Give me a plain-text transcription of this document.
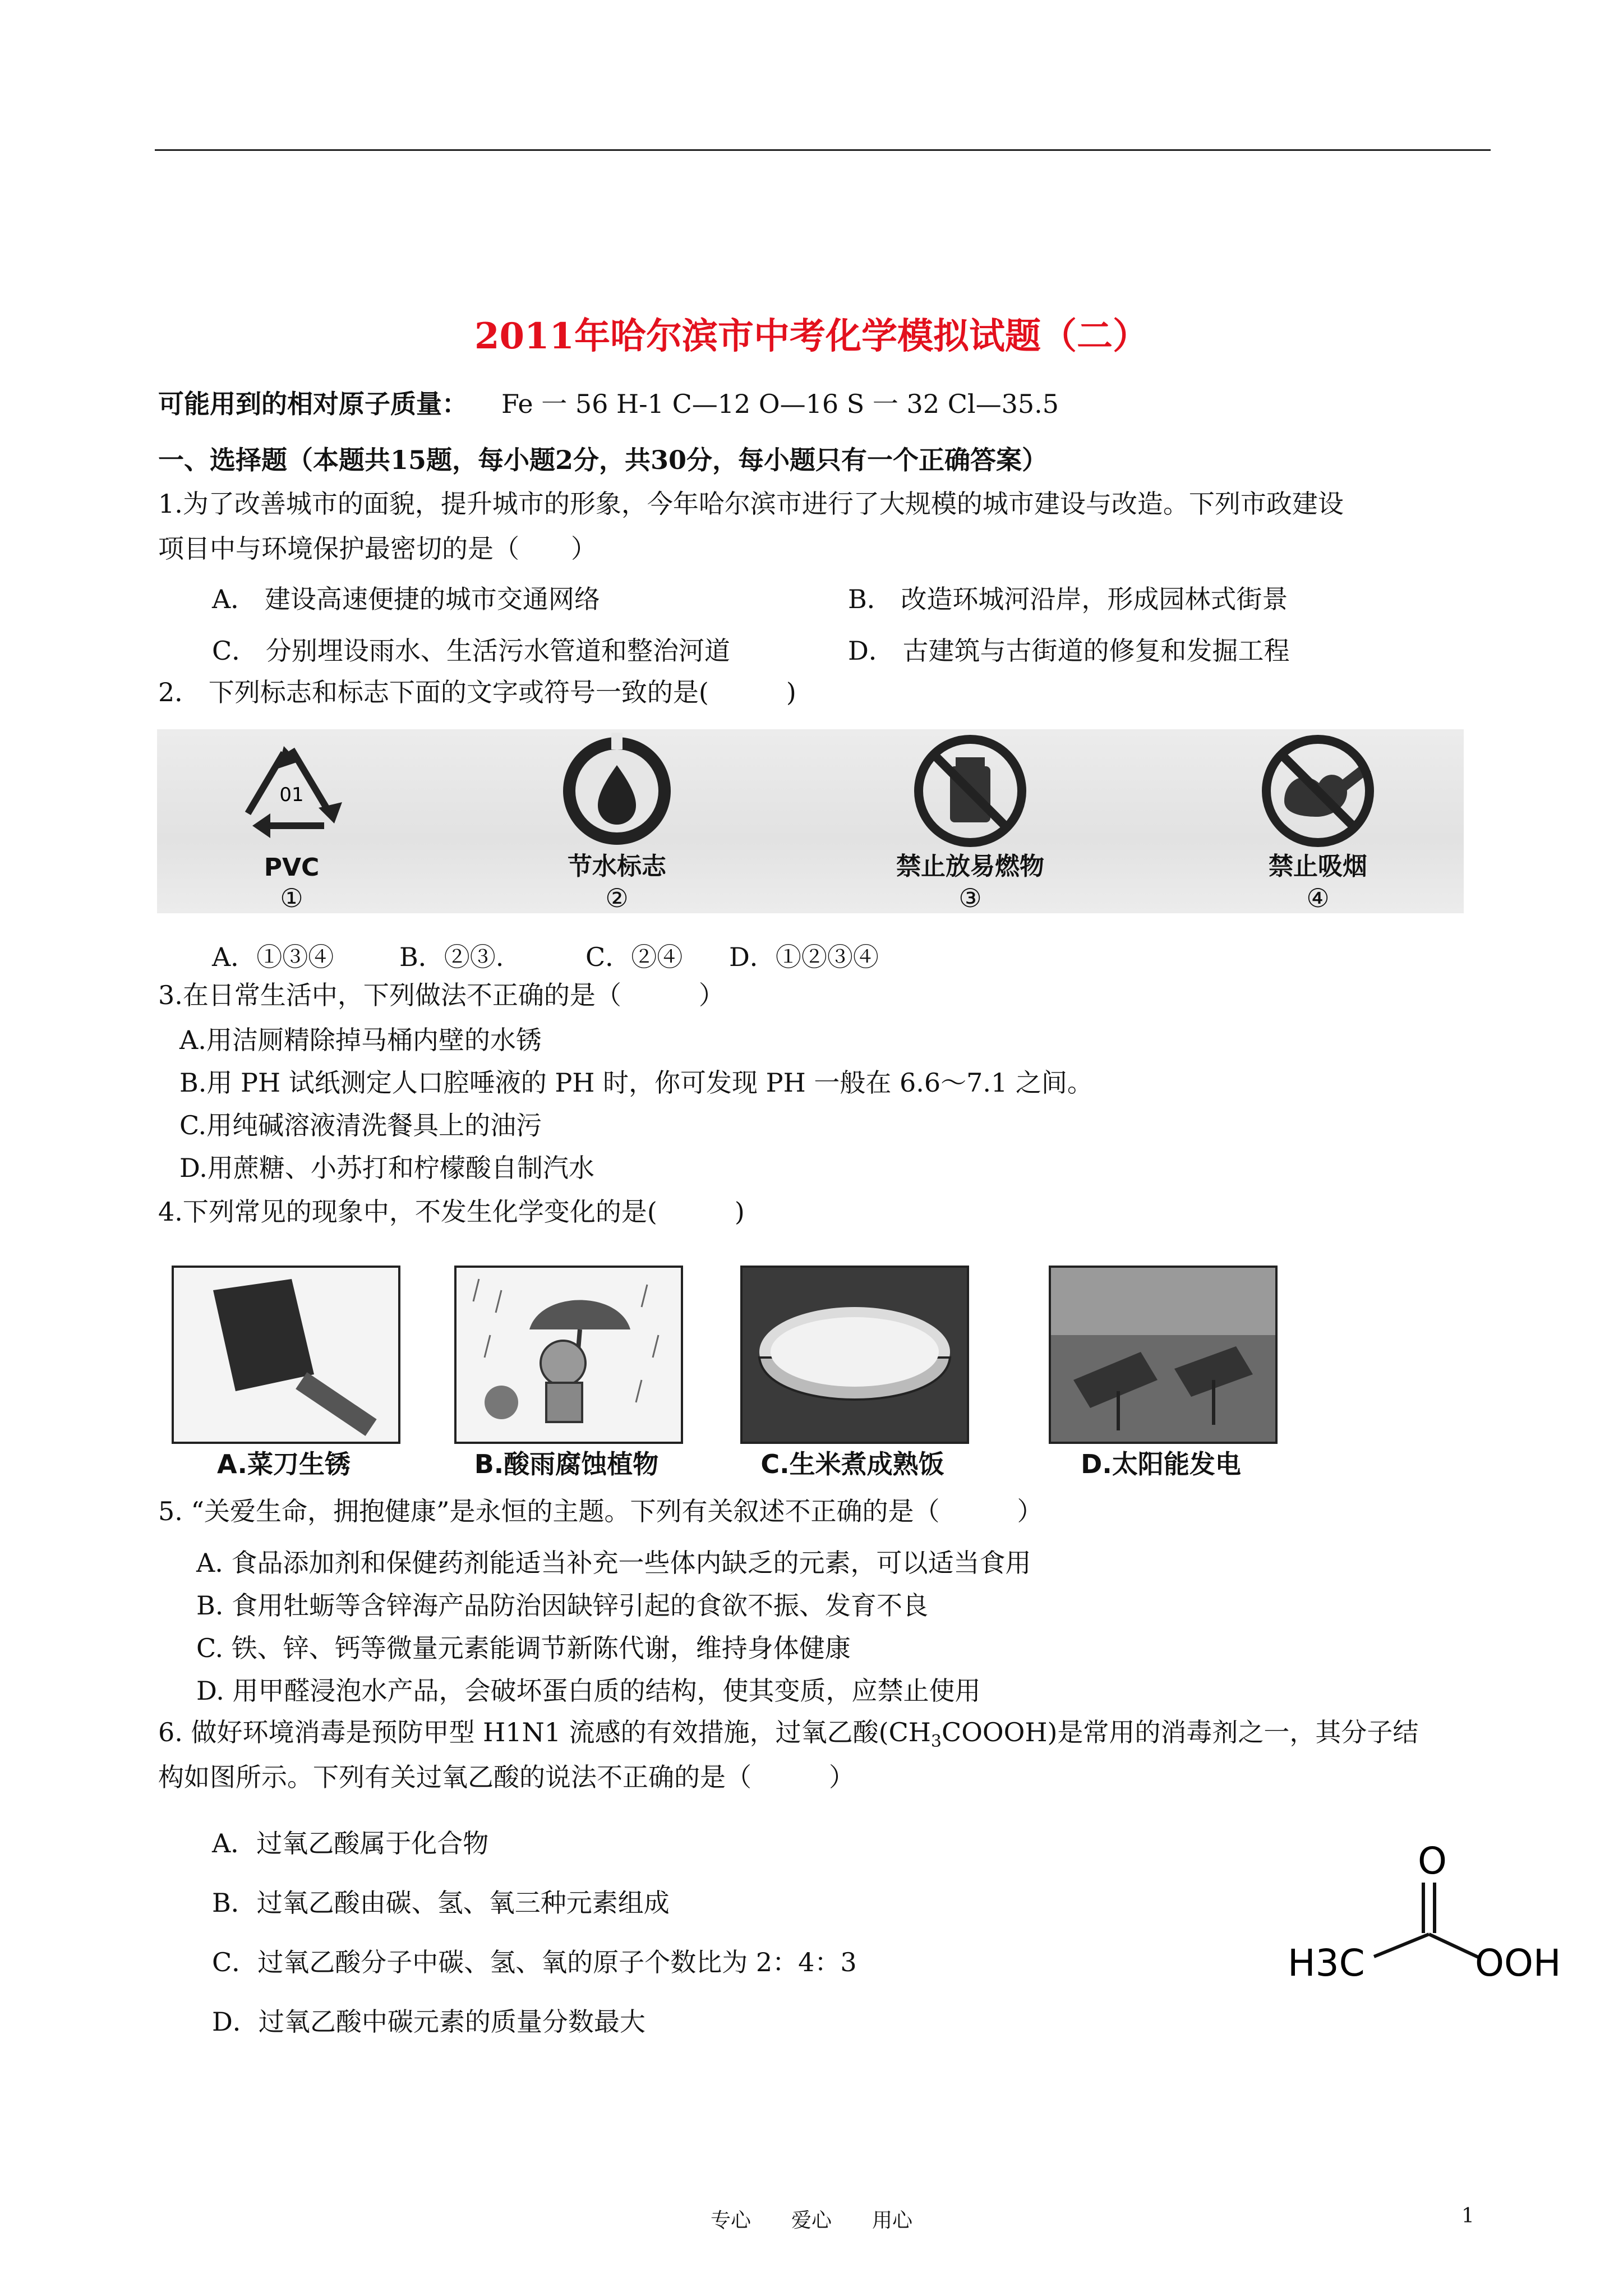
2011年哈尔滨市中考化学模拟试题（二）
可能用到的相对原子质量： Fe 一 56 H-1 C—12 O—16 S 一 32 Cl—35.5
一、选择题（本题共15题，每小题2分，共30分，每小题只有一个正确答案）
1.为了改善城市的面貌，提升城市的形象，今年哈尔滨市进行了大规模的城市建设与改造。下列市政建设
项目中与环境保护最密切的是（　　）
A． 建设高速便捷的城市交通网络	B． 改造环城河沿岸，形成园林式街景
C． 分别埋设雨水、生活污水管道和整治河道	D． 古建筑与古街道的修复和发掘工程
2． 下列标志和标志下面的文字或符号一致的是(　　　)
01
PVC
①
节水标志
②
禁止放易燃物
③
禁止吸烟
④
A．①③④	B．②③.	C．②④ D．①②③④
3.在日常生活中，下列做法不正确的是（　　　）
A.用洁厕精除掉马桶内壁的水锈
B.用 PH 试纸测定人口腔唾液的 PH 时，你可发现 PH 一般在 6.6～7.1 之间。
C.用纯碱溶液清洗餐具上的油污
D.用蔗糖、小苏打和柠檬酸自制汽水
4.下列常见的现象中，不发生化学变化的是(　　　)
A.菜刀生锈	B.酸雨腐蚀植物	C.生米煮成熟饭	D.太阳能发电
5. “关爱生命，拥抱健康”是永恒的主题。下列有关叙述不正确的是（　　　）
A. 食品添加剂和保健药剂能适当补充一些体内缺乏的元素，可以适当食用
B. 食用牡蛎等含锌海产品防治因缺锌引起的食欲不振、发育不良
C. 铁、锌、钙等微量元素能调节新陈代谢，维持身体健康
D. 用甲醛浸泡水产品，会破坏蛋白质的结构，使其变质，应禁止使用
6. 做好环境消毒是预防甲型 H1N1 流感的有效措施，过氧乙酸$(CH_3COOOH)$是常用的消毒剂之一，其分子结
构如图所示。下列有关过氧乙酸的说法不正确的是（　　　）
A．过氧乙酸属于化合物
B．过氧乙酸由碳、氢、氧三种元素组成
C．过氧乙酸分子中碳、氢、氧的原子个数比为 2：4：3
D．过氧乙酸中碳元素的质量分数最大
O
H3C	OOH
专心　　爱心　　用心	1
